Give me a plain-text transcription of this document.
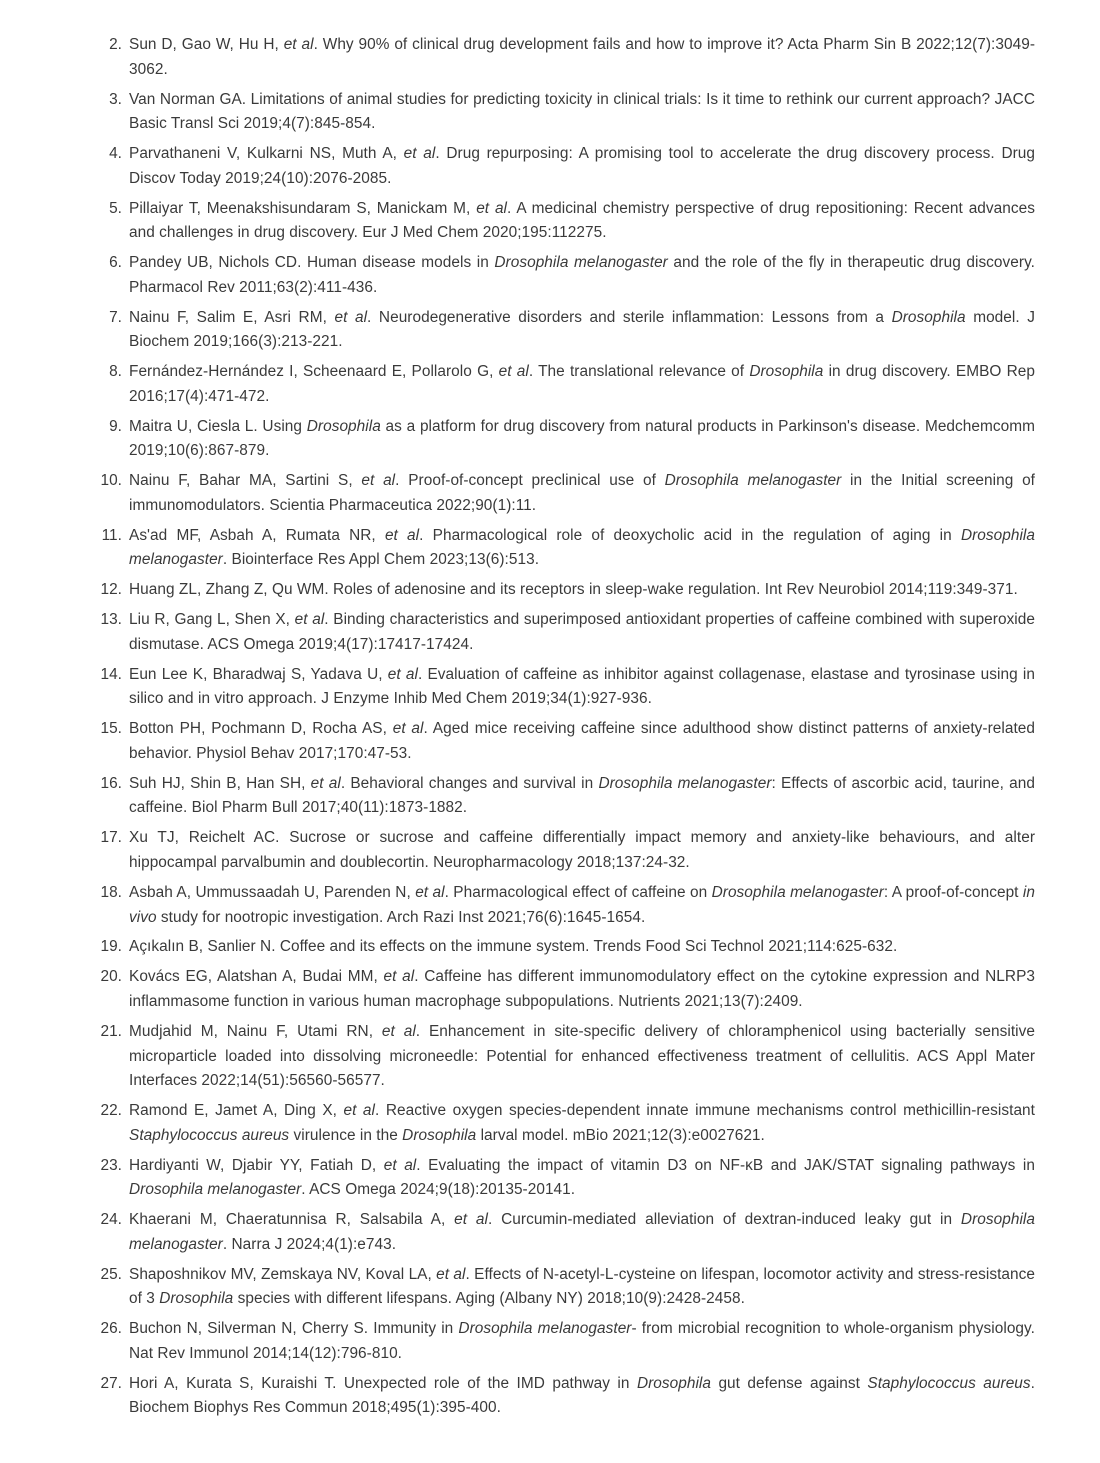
2. Sun D, Gao W, Hu H, et al. Why 90% of clinical drug development fails and how to improve it? Acta Pharm Sin B 2022;12(7):3049-3062.
3. Van Norman GA. Limitations of animal studies for predicting toxicity in clinical trials: Is it time to rethink our current approach? JACC Basic Transl Sci 2019;4(7):845-854.
4. Parvathaneni V, Kulkarni NS, Muth A, et al. Drug repurposing: A promising tool to accelerate the drug discovery process. Drug Discov Today 2019;24(10):2076-2085.
5. Pillaiyar T, Meenakshisundaram S, Manickam M, et al. A medicinal chemistry perspective of drug repositioning: Recent advances and challenges in drug discovery. Eur J Med Chem 2020;195:112275.
6. Pandey UB, Nichols CD. Human disease models in Drosophila melanogaster and the role of the fly in therapeutic drug discovery. Pharmacol Rev 2011;63(2):411-436.
7. Nainu F, Salim E, Asri RM, et al. Neurodegenerative disorders and sterile inflammation: Lessons from a Drosophila model. J Biochem 2019;166(3):213-221.
8. Fernández-Hernández I, Scheenaard E, Pollarolo G, et al. The translational relevance of Drosophila in drug discovery. EMBO Rep 2016;17(4):471-472.
9. Maitra U, Ciesla L. Using Drosophila as a platform for drug discovery from natural products in Parkinson's disease. Medchemcomm 2019;10(6):867-879.
10. Nainu F, Bahar MA, Sartini S, et al. Proof-of-concept preclinical use of Drosophila melanogaster in the Initial screening of immunomodulators. Scientia Pharmaceutica 2022;90(1):11.
11. As'ad MF, Asbah A, Rumata NR, et al. Pharmacological role of deoxycholic acid in the regulation of aging in Drosophila melanogaster. Biointerface Res Appl Chem 2023;13(6):513.
12. Huang ZL, Zhang Z, Qu WM. Roles of adenosine and its receptors in sleep-wake regulation. Int Rev Neurobiol 2014;119:349-371.
13. Liu R, Gang L, Shen X, et al. Binding characteristics and superimposed antioxidant properties of caffeine combined with superoxide dismutase. ACS Omega 2019;4(17):17417-17424.
14. Eun Lee K, Bharadwaj S, Yadava U, et al. Evaluation of caffeine as inhibitor against collagenase, elastase and tyrosinase using in silico and in vitro approach. J Enzyme Inhib Med Chem 2019;34(1):927-936.
15. Botton PH, Pochmann D, Rocha AS, et al. Aged mice receiving caffeine since adulthood show distinct patterns of anxiety-related behavior. Physiol Behav 2017;170:47-53.
16. Suh HJ, Shin B, Han SH, et al. Behavioral changes and survival in Drosophila melanogaster: Effects of ascorbic acid, taurine, and caffeine. Biol Pharm Bull 2017;40(11):1873-1882.
17. Xu TJ, Reichelt AC. Sucrose or sucrose and caffeine differentially impact memory and anxiety-like behaviours, and alter hippocampal parvalbumin and doublecortin. Neuropharmacology 2018;137:24-32.
18. Asbah A, Ummussaadah U, Parenden N, et al. Pharmacological effect of caffeine on Drosophila melanogaster: A proof-of-concept in vivo study for nootropic investigation. Arch Razi Inst 2021;76(6):1645-1654.
19. Açıkalın B, Sanlier N. Coffee and its effects on the immune system. Trends Food Sci Technol 2021;114:625-632.
20. Kovács EG, Alatshan A, Budai MM, et al. Caffeine has different immunomodulatory effect on the cytokine expression and NLRP3 inflammasome function in various human macrophage subpopulations. Nutrients 2021;13(7):2409.
21. Mudjahid M, Nainu F, Utami RN, et al. Enhancement in site-specific delivery of chloramphenicol using bacterially sensitive microparticle loaded into dissolving microneedle: Potential for enhanced effectiveness treatment of cellulitis. ACS Appl Mater Interfaces 2022;14(51):56560-56577.
22. Ramond E, Jamet A, Ding X, et al. Reactive oxygen species-dependent innate immune mechanisms control methicillin-resistant Staphylococcus aureus virulence in the Drosophila larval model. mBio 2021;12(3):e0027621.
23. Hardiyanti W, Djabir YY, Fatiah D, et al. Evaluating the impact of vitamin D3 on NF-κB and JAK/STAT signaling pathways in Drosophila melanogaster. ACS Omega 2024;9(18):20135-20141.
24. Khaerani M, Chaeratunnisa R, Salsabila A, et al. Curcumin-mediated alleviation of dextran-induced leaky gut in Drosophila melanogaster. Narra J 2024;4(1):e743.
25. Shaposhnikov MV, Zemskaya NV, Koval LA, et al. Effects of N-acetyl-L-cysteine on lifespan, locomotor activity and stress-resistance of 3 Drosophila species with different lifespans. Aging (Albany NY) 2018;10(9):2428-2458.
26. Buchon N, Silverman N, Cherry S. Immunity in Drosophila melanogaster- from microbial recognition to whole-organism physiology. Nat Rev Immunol 2014;14(12):796-810.
27. Hori A, Kurata S, Kuraishi T. Unexpected role of the IMD pathway in Drosophila gut defense against Staphylococcus aureus. Biochem Biophys Res Commun 2018;495(1):395-400.
